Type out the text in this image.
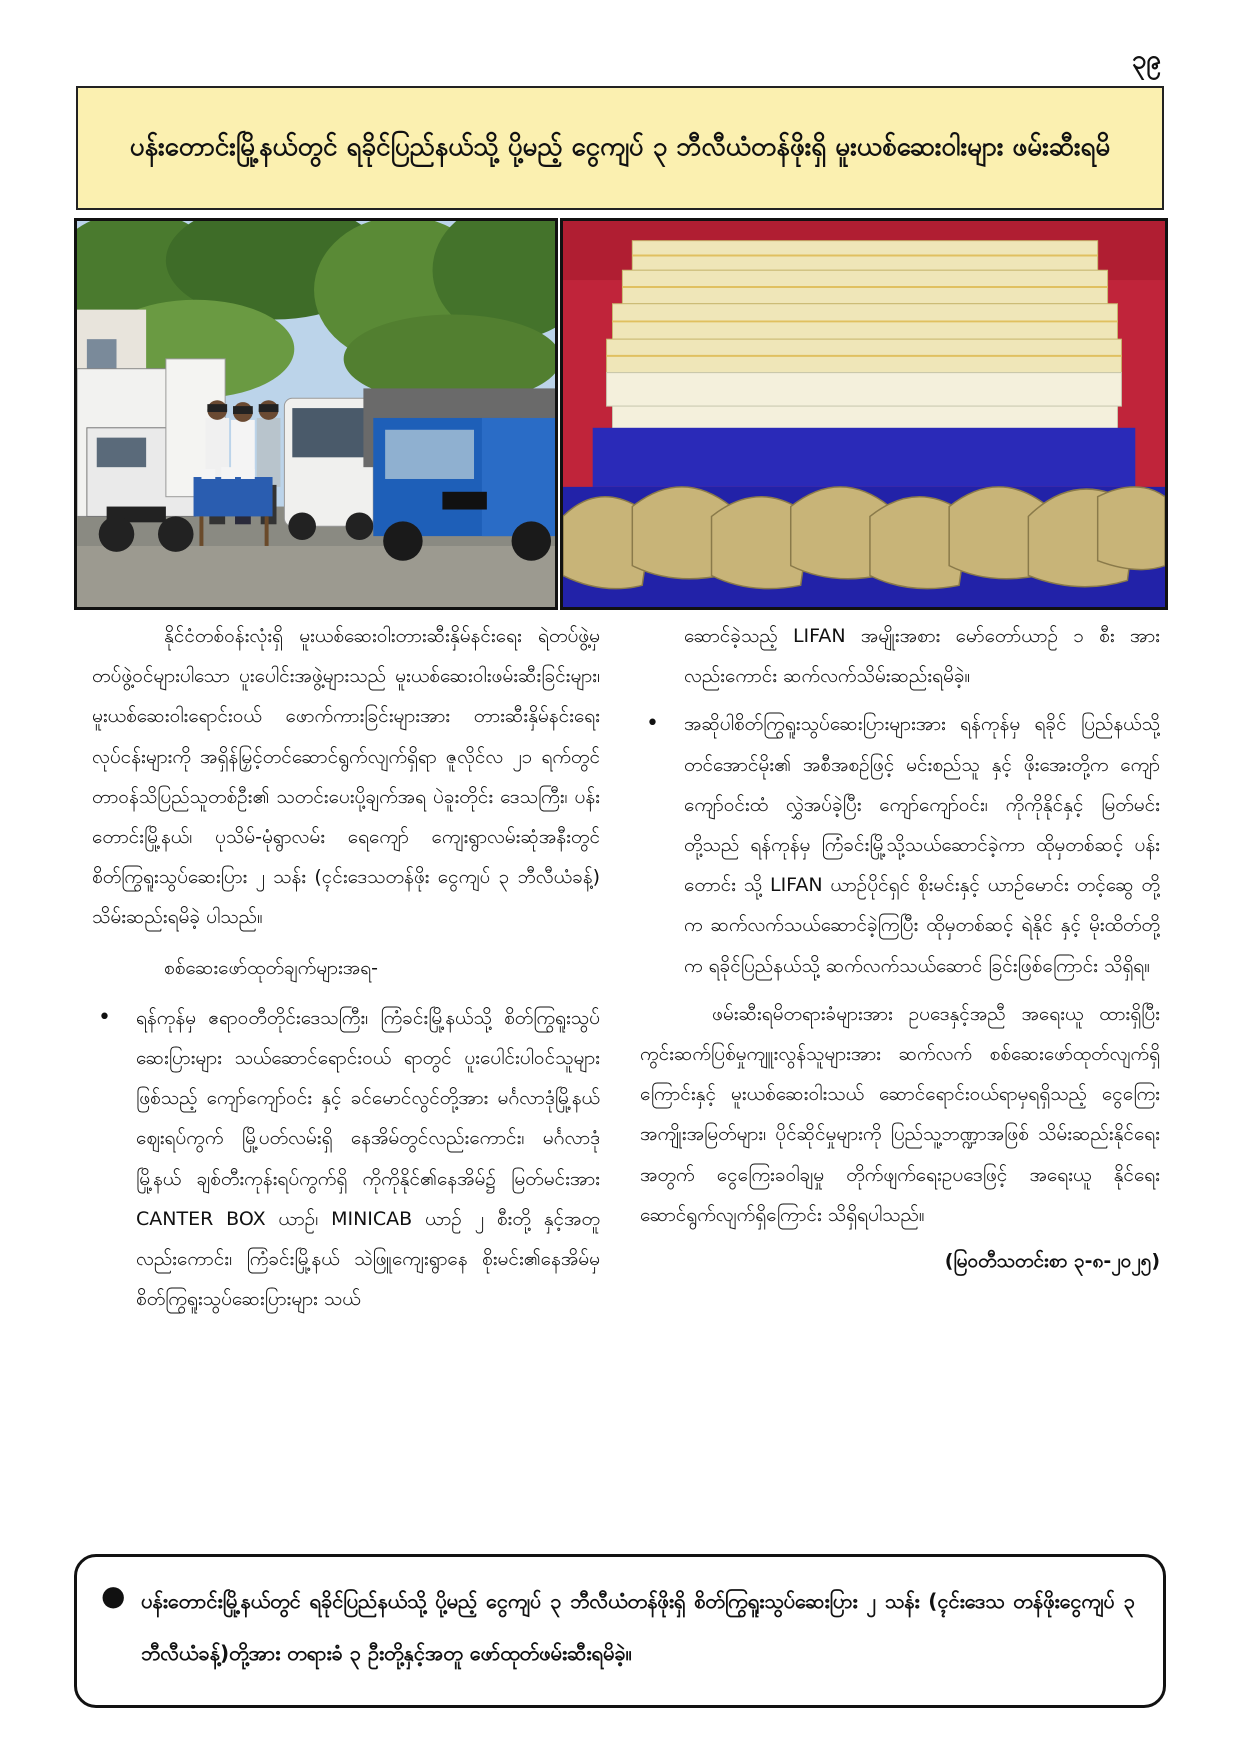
၃၉
ပန်းတောင်းမြို့နယ်တွင် ရခိုင်ပြည်နယ်သို့ ပို့မည့် ငွေကျပ် ၃ ဘီလီယံတန်ဖိုးရှိ မူးယစ်ဆေးဝါးများ ဖမ်းဆီးရမိ

နိုင်ငံတစ်ဝန်းလုံးရှိ မူးယစ်ဆေးဝါးတားဆီးနှိမ်နင်းရေး ရဲတပ်ဖွဲ့မှ တပ်ဖွဲ့ဝင်များပါသော ပူးပေါင်းအဖွဲ့များသည် မူးယစ်ဆေးဝါးဖမ်းဆီးခြင်းများ၊ မူးယစ်ဆေးဝါးရောင်းဝယ် ဖောက်ကားခြင်းများအား တားဆီးနှိမ်နင်းရေးလုပ်ငန်းများကို အရှိန်မြှင့်တင်ဆောင်ရွက်လျက်ရှိရာ ဇူလိုင်လ ၂၁ ရက်တွင် တာဝန်သိပြည်သူတစ်ဦး၏ သတင်းပေးပို့ချက်အရ ပဲခူးတိုင်း ဒေသကြီး၊ ပန်းတောင်းမြို့နယ်၊ ပုသိမ်-မုံရွာလမ်း ရေကျော် ကျေးရွာလမ်းဆုံအနီးတွင် စိတ်ကြွရူးသွပ်ဆေးပြား ၂ သန်း (ၚင်းဒေသတန်ဖိုး ငွေကျပ် ၃ ဘီလီယံခန့်) သိမ်းဆည်းရမိခဲ့ ပါသည်။

စစ်ဆေးဖော်ထုတ်ချက်များအရ-

• ရန်ကုန်မှ ဧရာဝတီတိုင်းဒေသကြီး၊ ကြံခင်းမြို့နယ်သို့ စိတ်ကြွရူးသွပ်ဆေးပြားများ သယ်ဆောင်ရောင်းဝယ် ရာတွင် ပူးပေါင်းပါဝင်သူများဖြစ်သည့် ကျော်ကျော်ဝင်း နှင့် ခင်မောင်လွင်တို့အား မင်္ဂလာဒုံမြို့နယ်ဈေးရပ်ကွက် မြို့ပတ်လမ်းရှိ နေအိမ်တွင်လည်းကောင်း၊ မင်္ဂလာဒုံ မြို့နယ် ချစ်တီးကုန်းရပ်ကွက်ရှိ ကိုကိုနိုင်၏နေအိမ်၌ မြတ်မင်းအား CANTER BOX ယာဉ်၊ MINICAB ယာဉ် ၂ စီးတို့ နှင့်အတူလည်းကောင်း၊ ကြံခင်းမြို့နယ် သဲဖြူကျေးရွာနေ စိုးမင်း၏နေအိမ်မှ စိတ်ကြွရူးသွပ်ဆေးပြားများ သယ်

ဆောင်ခဲ့သည့် LIFAN အမျိုးအစား မော်တော်ယာဉ် ၁ စီး အားလည်းကောင်း ဆက်လက်သိမ်းဆည်းရမိခဲ့။

• အဆိုပါစိတ်ကြွရူးသွပ်ဆေးပြားများအား ရန်ကုန်မှ ရခိုင် ပြည်နယ်သို့ တင်အောင်မိုး၏ အစီအစဉ်ဖြင့် မင်းစည်သူ နှင့် ဖိုးအေးတို့က ကျော်ကျော်ဝင်းထံ လွှဲအပ်ခဲ့ပြီး ကျော်ကျော်ဝင်း၊ ကိုကိုနိုင်နှင့် မြတ်မင်းတို့သည် ရန်ကုန်မှ ကြံခင်းမြို့သို့သယ်ဆောင်ခဲ့ကာ ထိုမှတစ်ဆင့် ပန်းတောင်း သို့ LIFAN ယာဉ်ပိုင်ရှင် စိုးမင်းနှင့် ယာဉ်မောင်း တင့်ဆွေ တို့က ဆက်လက်သယ်ဆောင်ခဲ့ကြပြီး ထိုမှတစ်ဆင့် ရဲနိုင် နှင့် မိုးထိတ်တို့က ရခိုင်ပြည်နယ်သို့ ဆက်လက်သယ်ဆောင် ခြင်းဖြစ်ကြောင်း သိရှိရ။

ဖမ်းဆီးရမိတရားခံများအား ဥပဒေနှင့်အညီ အရေးယူ ထားရှိပြီး ကွင်းဆက်ပြစ်မှုကျူးလွန်သူများအား ဆက်လက် စစ်ဆေးဖော်ထုတ်လျက်ရှိကြောင်းနှင့် မူးယစ်ဆေးဝါးသယ် ဆောင်ရောင်းဝယ်ရာမှရရှိသည့် ငွေကြေးအကျိုးအမြတ်များ၊ ပိုင်ဆိုင်မှုများကို ပြည်သူ့ဘဏ္ဍာအဖြစ် သိမ်းဆည်းနိုင်ရေး အတွက် ငွေကြေးခဝါချမှု တိုက်ဖျက်ရေးဥပဒေဖြင့် အရေးယူ နိုင်ရေး ဆောင်ရွက်လျက်ရှိကြောင်း သိရှိရပါသည်။

(မြဝတီသတင်းစာ ၃-၈-၂၀၂၅)

● ပန်းတောင်းမြို့နယ်တွင် ရခိုင်ပြည်နယ်သို့ ပို့မည့် ငွေကျပ် ၃ ဘီလီယံတန်ဖိုးရှိ စိတ်ကြွရူးသွပ်ဆေးပြား ၂ သန်း (ၚင်းဒေသ တန်ဖိုးငွေကျပ် ၃ ဘီလီယံခန့်)တို့အား တရားခံ ၃ ဦးတို့နှင့်အတူ ဖော်ထုတ်ဖမ်းဆီးရမိခဲ့။
